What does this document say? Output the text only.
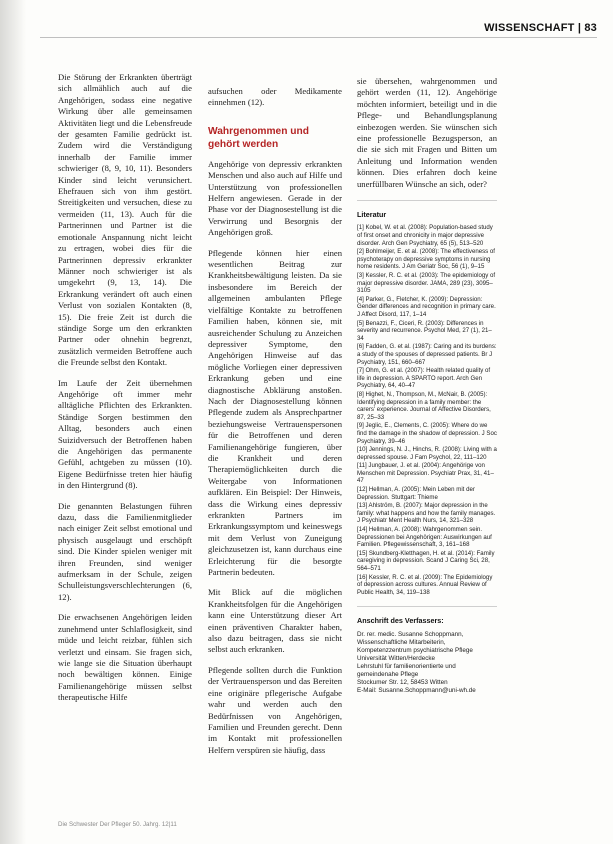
WISSENSCHAFT | 83

Die Störung der Erkrankten überträgt sich allmählich auch auf die Angehörigen, sodass eine negative Wirkung über alle gemeinsamen Aktivitäten liegt und die Lebensfreude der gesamten Familie gedrückt ist. Zudem wird die Verständigung innerhalb der Familie immer schwieriger (8, 9, 10, 11). Besonders Kinder sind leicht verunsichert. Ehefrauen sich von ihm gestört. Streitigkeiten und versuchen, diese zu vermeiden (11, 13). Auch für die Partnerinnen und Partner ist die emotionale Anspannung nicht leicht zu ertragen, wobei dies für die Partnerinnen depressiv erkrankter Männer noch schwieriger ist als umgekehrt (9, 13, 14). Die Erkrankung verändert oft auch einen Verlust von sozialen Kontakten (8, 15). Die freie Zeit ist durch die ständige Sorge um den erkrankten Partner oder ohnehin begrenzt, zusätzlich vermeiden Betroffene auch die Freunde selbst den Kontakt.

Im Laufe der Zeit übernehmen Angehörige oft immer mehr alltägliche Pflichten des Erkrankten. Ständige Sorgen bestimmen den Alltag, besonders auch einen Suizidversuch der Betroffenen haben die Angehörigen das permanente Gefühl, achtgeben zu müssen (10). Eigene Bedürfnisse treten hier häufig in den Hintergrund (8).

Die genannten Belastungen führen dazu, dass die Familienmitglieder nach einiger Zeit selbst emotional und physisch ausgelaugt und erschöpft sind. Die Kinder spielen weniger mit ihren Freunden, sind weniger aufmerksam in der Schule, zeigen Schulleistungsverschlechterungen (6, 12).

Die erwachsenen Angehörigen leiden zunehmend unter Schlaflosigkeit, sind müde und leicht reizbar, fühlen sich verletzt und einsam. Sie fragen sich, wie lange sie die Situation überhaupt noch bewältigen können. Einige Familienangehörige müssen selbst therapeutische Hilfe

aufsuchen oder Medikamente einnehmen (12).

Wahrgenommen und gehört werden

Angehörige von depressiv erkrankten Menschen und also auch auf Hilfe und Unterstützung von professionellen Helfern angewiesen. Gerade in der Phase vor der Diagnosestellung ist die Verwirrung und Besorgnis der Angehörigen groß.

Pflegende können hier einen wesentlichen Beitrag zur Krankheitsbewältigung leisten. Da sie insbesondere im Bereich der allgemeinen ambulanten Pflege vielfältige Kontakte zu betroffenen Familien haben, können sie, mit ausreichender Schulung zu Anzeichen depressiver Symptome, den Angehörigen Hinweise auf das mögliche Vorliegen einer depressiven Erkrankung geben und eine diagnostische Abklärung anstoßen. Nach der Diagnosestellung können Pflegende zudem als Ansprechpartner beziehungsweise Vertrauenspersonen für die Betroffenen und deren Familienangehörige fungieren, über die Krankheit und deren Therapiemöglichkeiten durch die Weitergabe von Informationen aufklären. Ein Beispiel: Der Hinweis, dass die Wirkung eines depressiv erkrankten Partners im Erkrankungssymptom und keineswegs mit dem Verlust von Zuneigung gleichzusetzen ist, kann durchaus eine Erleichterung für die besorgte Partnerin bedeuten.

Mit Blick auf die möglichen Krankheitsfolgen für die Angehörigen kann eine Unterstützung dieser Art einen präventiven Charakter haben, also dazu beitragen, dass sie nicht selbst auch erkranken.

Pflegende sollten durch die Funktion der Vertrauensperson und das Bereiten eine originäre pflegerische Aufgabe wahr und werden auch den Bedürfnissen von Angehörigen, Familien und Freunden gerecht. Denn im Kontakt mit professionellen Helfern verspüren sie häufig, dass

sie übersehen, wahrgenommen und gehört werden (11, 12). Angehörige möchten informiert, beteiligt und in die Pflege- und Behandlungsplanung einbezogen werden. Sie wünschen sich eine professionelle Bezugsperson, an die sie sich mit Fragen und Bitten um Anleitung und Information wenden können. Dies erfahren doch keine unerfüllbaren Wünsche an sich, oder?

Literatur
[1] Kobel, W. et al. (2008): Population-based study of first onset and chronicity in major depressive disorder. Arch Gen Psychiatry, 65 (5), 513–520
[2] Bohlmeijer, E. et al. (2008): The effectiveness of psychoterapy on depressive symptoms in nursing home residents. J Am Geriatr Soc, 56 (1), 9–15
[3] Kessler, R. C. et al. (2003): The epidemiology of major depressive disorder. JAMA, 289 (23), 3095–3105
[4] Parker, G., Fletcher, K. (2009): Depression: Gender differences and recognition in primary care. J Affect Disord, 117, 1–14
[5] Benazzi, F., Ciceri, R. (2003): Differences in severity and recurrence. Psychol Med, 27 (1), 21–34
[6] Fadden, G. et al. (1987): Caring and its burdens: a study of the spouses of depressed patients. Br J Psychiatry, 151, 660–667
[7] Ohm, G. et al. (2007): Health related quality of life in depression. A SPARTO report. Arch Gen Psychiatry, 64, 40–47
[8] Highet, N., Thompson, M., McNair, B. (2005): Identifying depression in a family member: the carers' experience. Journal of Affective Disorders, 87, 25–33
[9] Jeglic, E., Clements, C. (2005): Where do we find the damage in the shadow of depression. J Soc Psychiatry, 39–46
[10] Jennings, N. J., Hinchs, R. (2008): Living with a depressed spouse. J Fam Psychol, 22, 111–120
[11] Jungbauer, J. et al. (2004): Angehörige von Menschen mit Depression. Psychiatr Prax, 31, 41–47
[12] Hellman, A. (2005): Mein Leben mit der Depression. Stuttgart: Thieme
[13] Ahlström, B. (2007): Major depression in the family: what happens and how the family manages. J Psychiatr Ment Health Nurs, 14, 321–328
[14] Hellman, A. (2008): Wahrgenommen sein. Depressionen bei Angehörigen: Auswirkungen auf Familien. Pflegewissenschaft, 3, 161–168
[15] Skundberg-Kletthagen, H. et al. (2014): Family caregiving in depression. Scand J Caring Sci, 28, 564–571
[16] Kessler, R. C. et al. (2009): The Epidemiology of depression across cultures. Annual Review of Public Health, 34, 119–138
Anschrift des Verfassers:
Dr. rer. medic. Susanne Schoppmann,
Wissenschaftliche Mitarbeiterin,
Kompetenzzentrum psychiatrische Pflege
Universität Witten/Herdecke
Lehrstuhl für familienorientierte und gemeindenahe Pflege
Stockumer Str. 12, 58453 Witten
E-Mail: Susanne.Schoppmann@uni-wh.de
Die Schwester Der Pfleger 50. Jahrg. 12|11
